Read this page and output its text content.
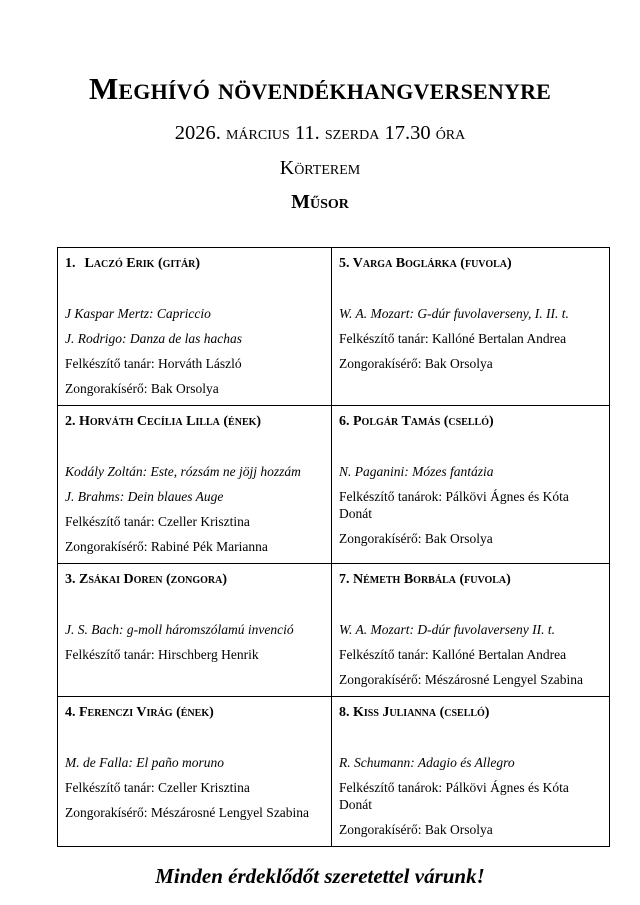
Meghívó növendékhangversenyre

2026. március 11. szerda 17.30 óra

Körterem

Műsor

1. Laczó Erik (gitár)

J Kaspar Mertz: Capriccio

J. Rodrigo: Danza de las hachas

Felkészítő tanár: Horváth László

Zongorakísérő: Bak Orsolya

5. Varga Boglárka (fuvola)

W. A. Mozart: G-dúr fuvolaverseny, I. II. t.

Felkészítő tanár: Kallóné Bertalan Andrea

Zongorakísérő: Bak Orsolya

2. Horváth Cecília Lilla (ének)

Kodály Zoltán: Este, rózsám ne jöjj hozzám

J. Brahms: Dein blaues Auge

Felkészítő tanár: Czeller Krisztina

Zongorakísérő: Rabiné Pék Marianna

6. Polgár Tamás (cselló)

N. Paganini: Mózes fantázia

Felkészítő tanárok: Pálkövi Ágnes és Kóta Donát

Zongorakísérő: Bak Orsolya

3. Zsákai Doren (zongora)

J. S. Bach: g-moll háromszólamú invenció

Felkészítő tanár: Hirschberg Henrik

7. Németh Borbála (fuvola)

W. A. Mozart: D-dúr fuvolaverseny II. t.

Felkészítő tanár: Kallóné Bertalan Andrea

Zongorakísérő: Mészárosné Lengyel Szabina

4. Ferenczi Virág (ének)

M. de Falla: El paño moruno

Felkészítő tanár: Czeller Krisztina

Zongorakísérő: Mészárosné Lengyel Szabina

8. Kiss Julianna (cselló)

R. Schumann: Adagio és Allegro

Felkészítő tanárok: Pálkövi Ágnes és Kóta Donát

Zongorakísérő: Bak Orsolya

Minden érdeklődőt szeretettel várunk!
